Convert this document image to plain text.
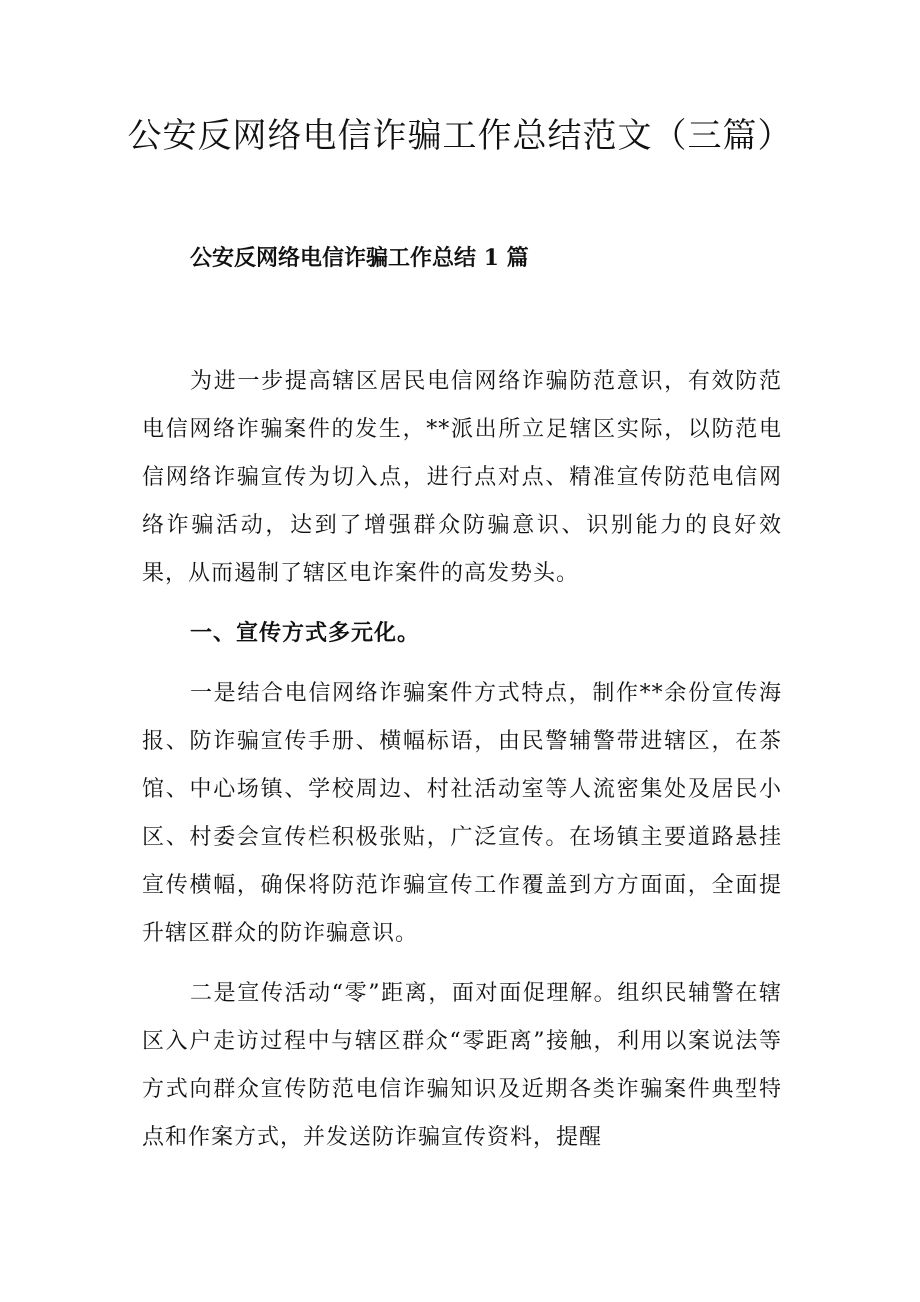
公安反网络电信诈骗工作总结范文（三篇）
公安反网络电信诈骗工作总结 1 篇

为进一步提高辖区居民电信网络诈骗防范意识，有效防范电信网络诈骗案件的发生，**派出所立足辖区实际，以防范电信网络诈骗宣传为切入点，进行点对点、精准宣传防范电信网络诈骗活动，达到了增强群众防骗意识、识别能力的良好效果，从而遏制了辖区电诈案件的高发势头。

一、宣传方式多元化。

一是结合电信网络诈骗案件方式特点，制作**余份宣传海报、防诈骗宣传手册、横幅标语，由民警辅警带进辖区，在茶馆、中心场镇、学校周边、村社活动室等人流密集处及居民小区、村委会宣传栏积极张贴，广泛宣传。在场镇主要道路悬挂宣传横幅，确保将防范诈骗宣传工作覆盖到方方面面，全面提升辖区群众的防诈骗意识。

二是宣传活动“零”距离，面对面促理解。组织民辅警在辖区入户走访过程中与辖区群众“零距离”接触，利用以案说法等方式向群众宣传防范电信诈骗知识及近期各类诈骗案件典型特点和作案方式，并发送防诈骗宣传资料，提醒
